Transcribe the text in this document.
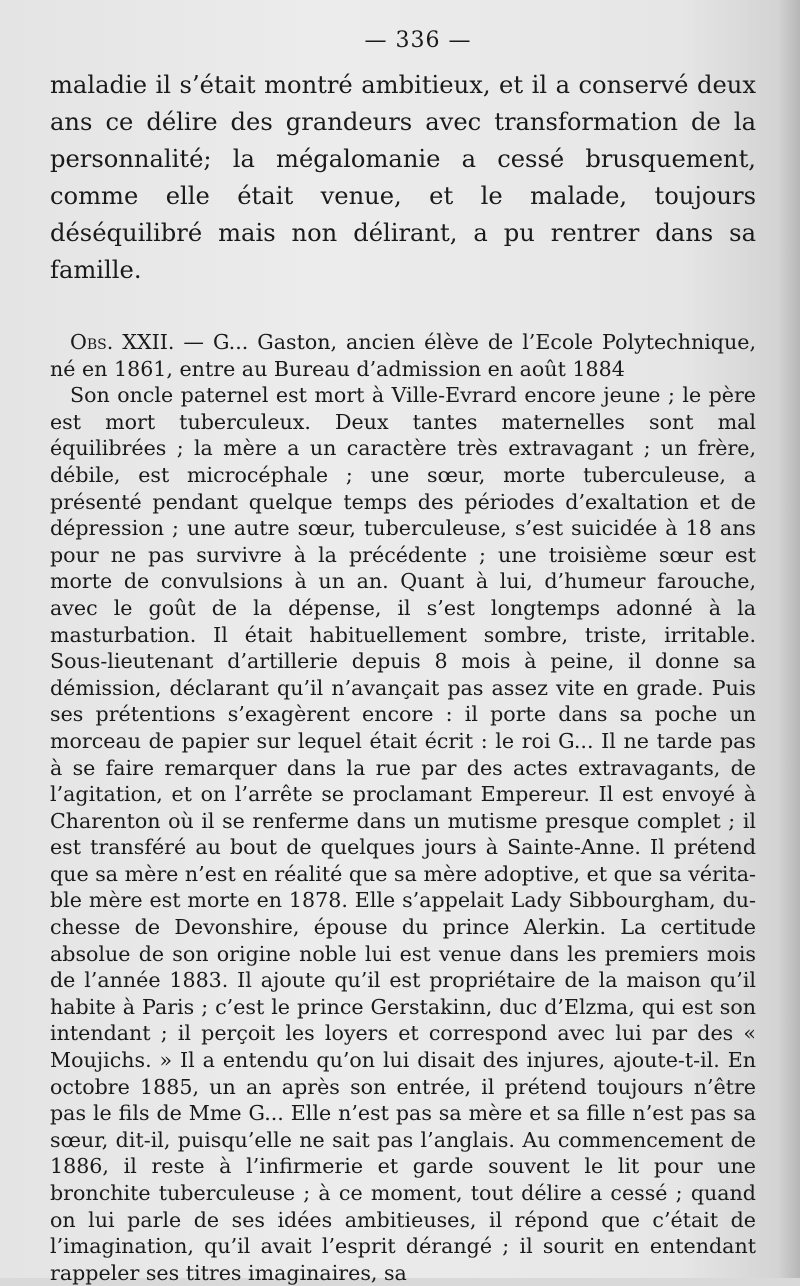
— 336 —

maladie il s’était montré ambitieux, et il a conservé deux ans ce délire des grandeurs avec transformation de la personnalité; la mégalomanie a cessé brusquement, comme elle était venue, et le malade, toujours déséquilibré mais non délirant, a pu rentrer dans sa famille.

Obs. XXII. — G... Gaston, ancien élève de l’Ecole Polytechnique, né en 1861, entre au Bureau d’admission en août 1884

Son oncle paternel est mort à Ville-Evrard encore jeune ; le père est mort tuberculeux. Deux tantes maternelles sont mal équilibrées ; la mère a un caractère très extravagant ; un frère, débile, est microcéphale ; une sœur, morte tuberculeuse, a présenté pendant quelque temps des périodes d’exaltation et de dépression ; une autre sœur, tuberculeuse, s’est suicidée à 18 ans pour ne pas survivre à la précédente ; une troisième sœur est morte de convulsions à un an. Quant à lui, d’humeur farouche, avec le goût de la dépense, il s’est longtemps adonné à la masturbation. Il était habituellement sombre, triste, irritable. Sous-lieutenant d’artillerie depuis 8 mois à peine, il donne sa démission, déclarant qu’il n’avançait pas assez vite en grade. Puis ses prétentions s’exagèrent encore : il porte dans sa poche un morceau de papier sur lequel était écrit : le roi G... Il ne tarde pas à se faire remarquer dans la rue par des actes extravagants, de l’agitation, et on l’arrête se proclamant Empereur. Il est envoyé à Charenton où il se renferme dans un mutisme presque complet ; il est transféré au bout de quelques jours à Sainte-Anne. Il prétend que sa mère n’est en réalité que sa mère adoptive, et que sa véritable mère est morte en 1878. Elle s’appelait Lady Sibbourgham, duchesse de Devonshire, épouse du prince Alerkin. La certitude absolue de son origine noble lui est venue dans les premiers mois de l’année 1883. Il ajoute qu’il est propriétaire de la maison qu’il habite à Paris ; c’est le prince Gerstakinn, duc d’Elzma, qui est son intendant ; il perçoit les loyers et correspond avec lui par des « Moujichs. » Il a entendu qu’on lui disait des injures, ajoute-t-il. En octobre 1885, un an après son entrée, il prétend toujours n’être pas le fils de Mme G... Elle n’est pas sa mère et sa fille n’est pas sa sœur, dit-il, puisqu’elle ne sait pas l’anglais. Au commencement de 1886, il reste à l’infirmerie et garde souvent le lit pour une bronchite tuberculeuse ; à ce moment, tout délire a cessé ; quand on lui parle de ses idées ambitieuses, il répond que c’était de l’imagination, qu’il avait l’esprit dérangé ; il sourit en entendant rappeler ses titres imaginaires, sa
